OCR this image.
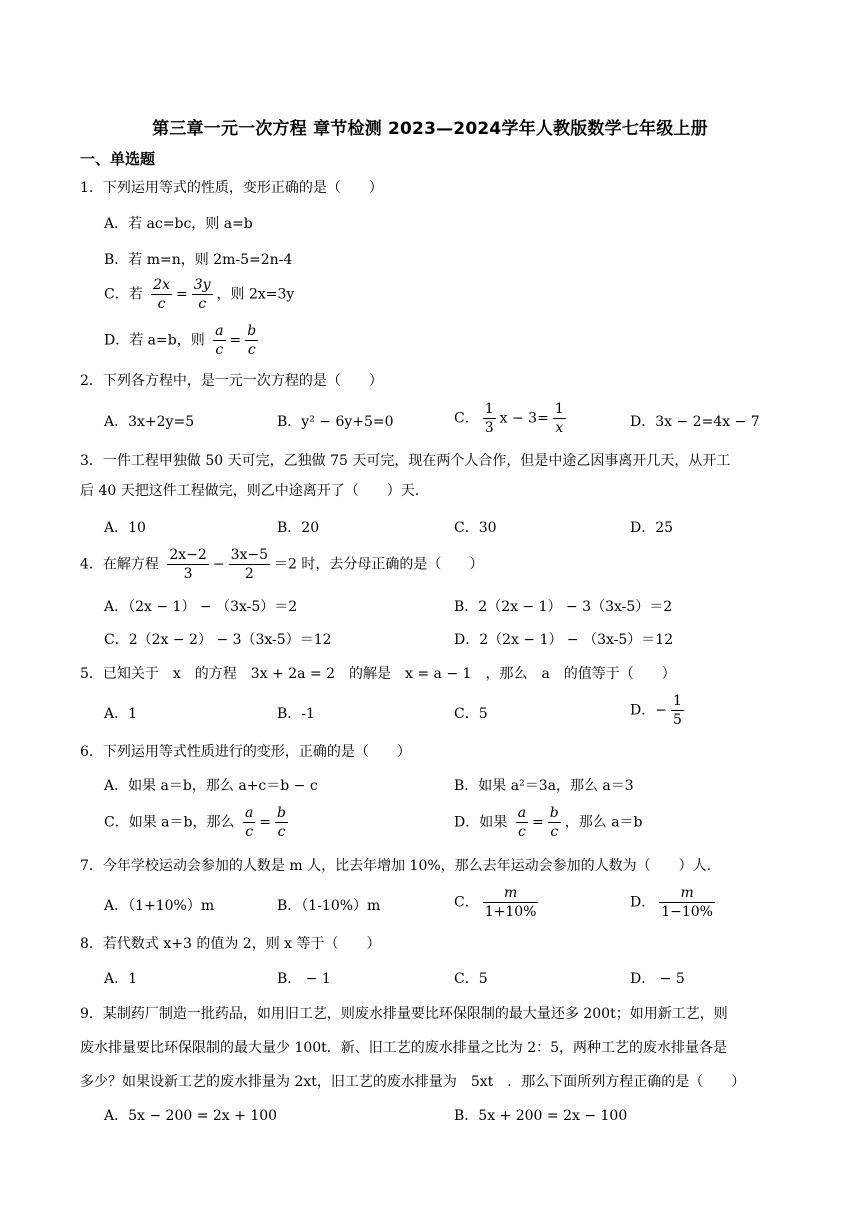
第三章一元一次方程 章节检测 2023—2024学年人教版数学七年级上册
一、单选题
1．下列运用等式的性质，变形正确的是（　　）
A．若 ac=bc，则 a=b
B．若 m=n，则 2m-5=2n-4
C．若 $\frac{2x}{c} = \frac{3y}{c}$ ，则 2x=3y
D．若 a=b，则 $\frac{a}{c} = \frac{b}{c}$
2．下列各方程中，是一元一次方程的是（　　）
A．3x+2y=5	B．y² − 6y+5=0	C． $\frac{1}{3}$ $x - 3= \frac{1}{x}$	D．3x − 2=4x − 7
3．一件工程甲独做 50 天可完，乙独做 75 天可完，现在两个人合作，但是中途乙因事离开几天，从开工
后 40 天把这件工程做完，则乙中途离开了（　　）天.
A．10	B．20	C．30	D．25
4．在解方程 $\frac{2x-2}{3} - \frac{3x-5}{2} =2$ 时，去分母正确的是（　　）
A．（2x − 1） − （3x-5）＝2	B．2（2x − 1） − 3（3x-5）＝2
C．2（2x − 2） − 3（3x-5）＝12	D．2（2x − 1） − （3x-5）＝12
5．已知关于　x　的方程　3x + 2a = 2　的解是　x = a − 1　，那么　a　的值等于（　　）
A．1	B．-1	C．5	D．− $\frac{1}{5}$
6．下列运用等式性质进行的变形，正确的是（　　）
A．如果 a＝b，那么 a+c＝b − c	B．如果 a²＝3a，那么 a＝3
C．如果 a＝b，那么 $\frac{a}{c} = \frac{b}{c}$	D．如果 $\frac{a}{c} = \frac{b}{c}$ ，那么 a＝b
7．今年学校运动会参加的人数是 m 人，比去年增加 10%，那么去年运动会参加的人数为（　　）人.
A．（1+10%）m	B．（1-10%）m	C． $\frac{m}{1+10\%}$	D． $\frac{m}{1-10\%}$
8．若代数式 x+3 的值为 2，则 x 等于（　　）
A．1	B． − 1	C．5	D． − 5
9．某制药厂制造一批药品，如用旧工艺，则废水排量要比环保限制的最大量还多 200t；如用新工艺，则
废水排量要比环保限制的最大量少 100t．新、旧工艺的废水排量之比为 2：5，两种工艺的废水排量各是
多少？如果设新工艺的废水排量为 2xt，旧工艺的废水排量为　5xt　．那么下面所列方程正确的是（　　）
A．5x − 200 = 2x + 100	B．5x + 200 = 2x − 100
